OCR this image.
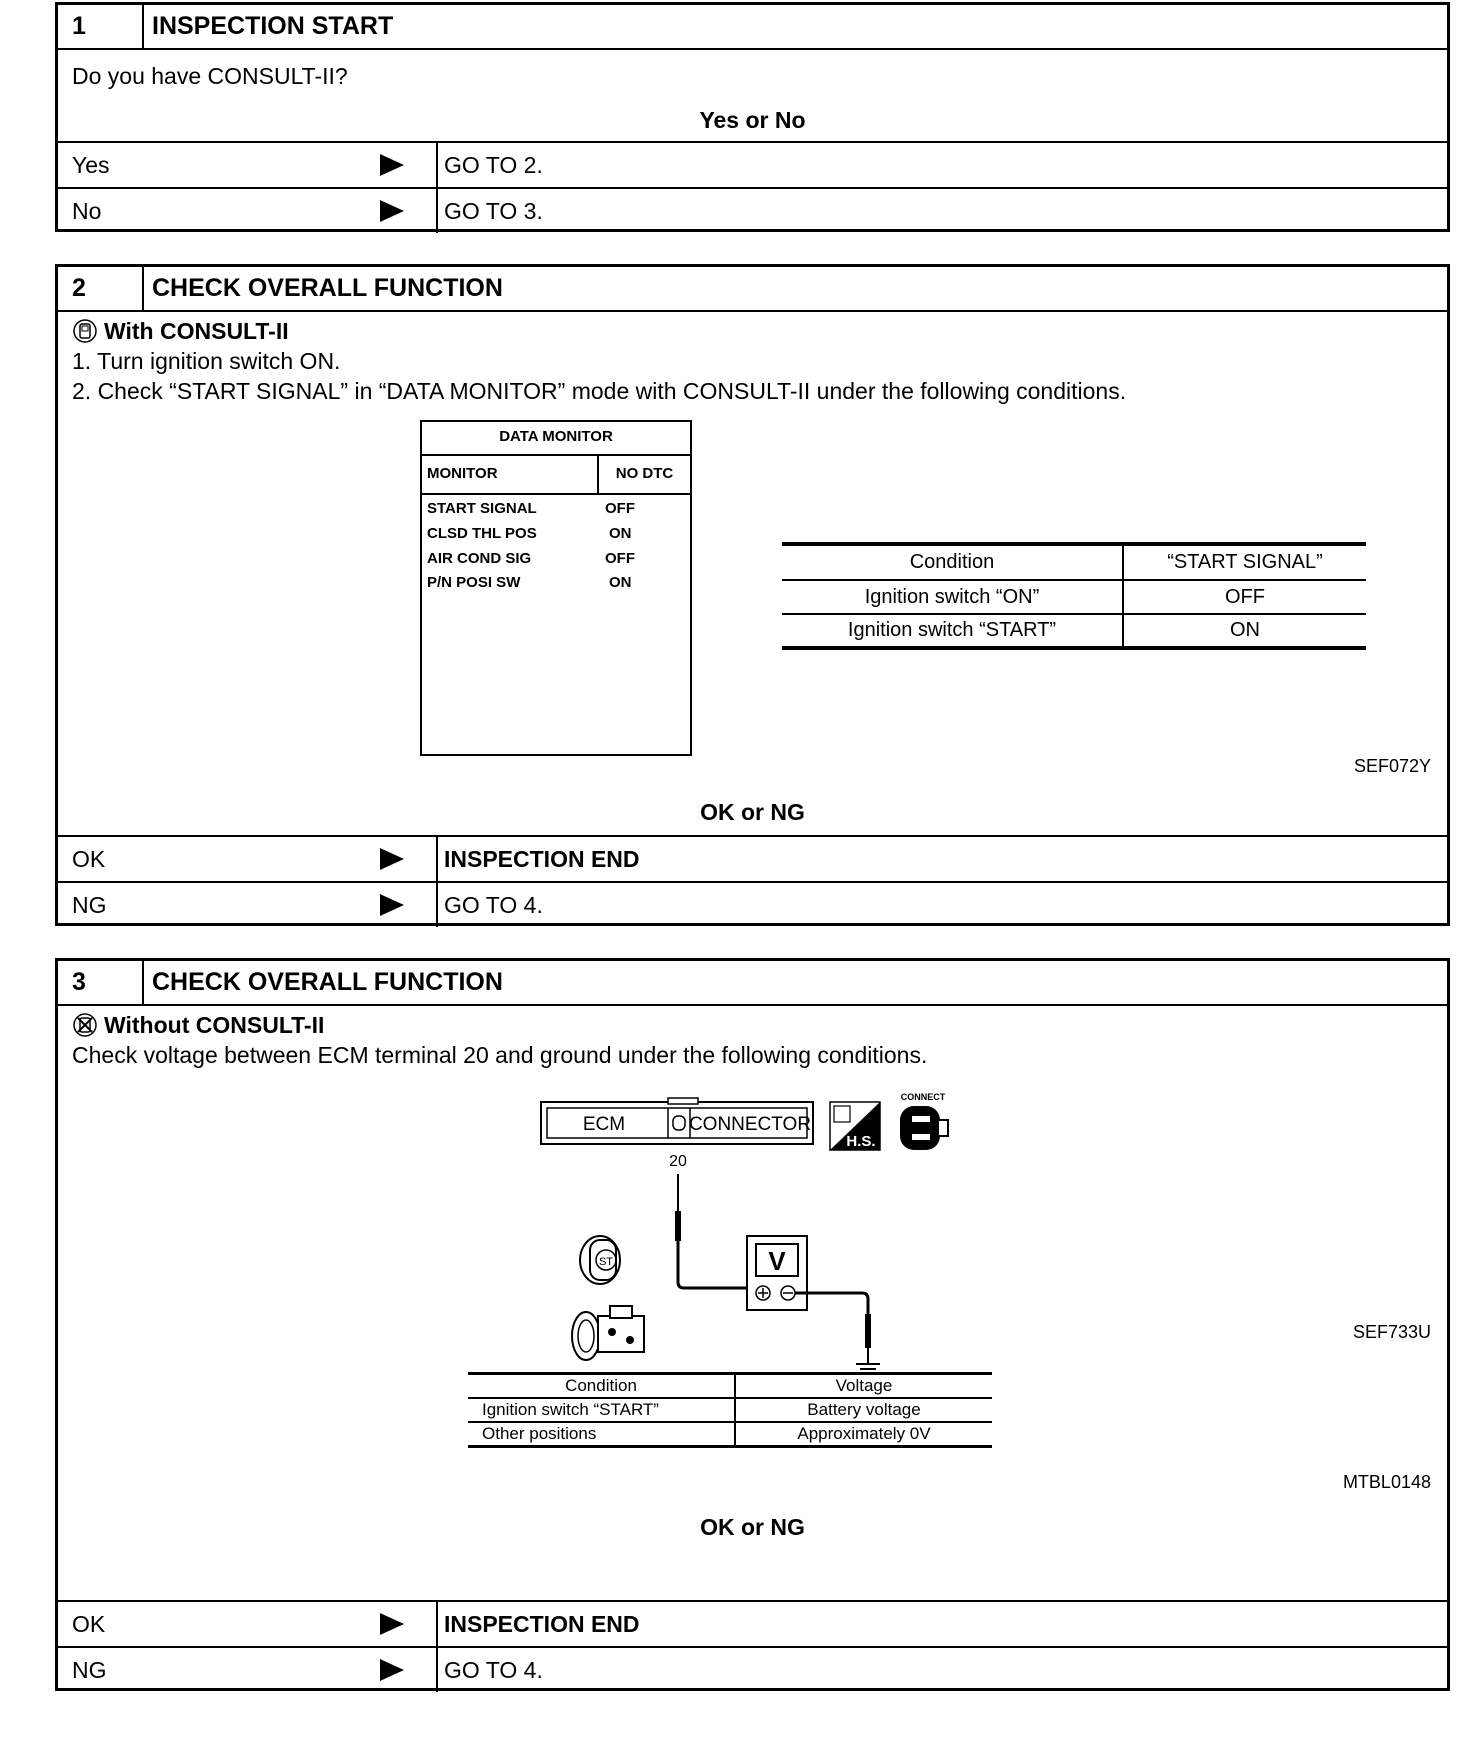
1	INSPECTION START
Do you have CONSULT-II?
Yes or No
Yes	GO TO 2.
No	GO TO 3.
2	CHECK OVERALL FUNCTION
With CONSULT-II
1. Turn ignition switch ON.
2. Check “START SIGNAL” in “DATA MONITOR” mode with CONSULT-II under the following conditions.
DATA MONITOR
MONITOR	NO DTC
START SIGNAL	OFF
CLSD THL POS	ON
AIR COND SIG	OFF
P/N POSI SW	ON
Condition	“START SIGNAL”
Ignition switch “ON”	OFF
Ignition switch “START”	ON
SEF072Y
OK or NG
OK	INSPECTION END
NG	GO TO 4.
3	CHECK OVERALL FUNCTION
Without CONSULT-II
Check voltage between ECM terminal 20 and ground under the following conditions.
ECM	CONNECTOR
H.S.
CONNECT
20
V
ST
SEF733U
Condition	Voltage
Ignition switch “START”	Battery voltage
Other positions	Approximately 0V
MTBL0148
OK or NG
OK	INSPECTION END
NG	GO TO 4.
